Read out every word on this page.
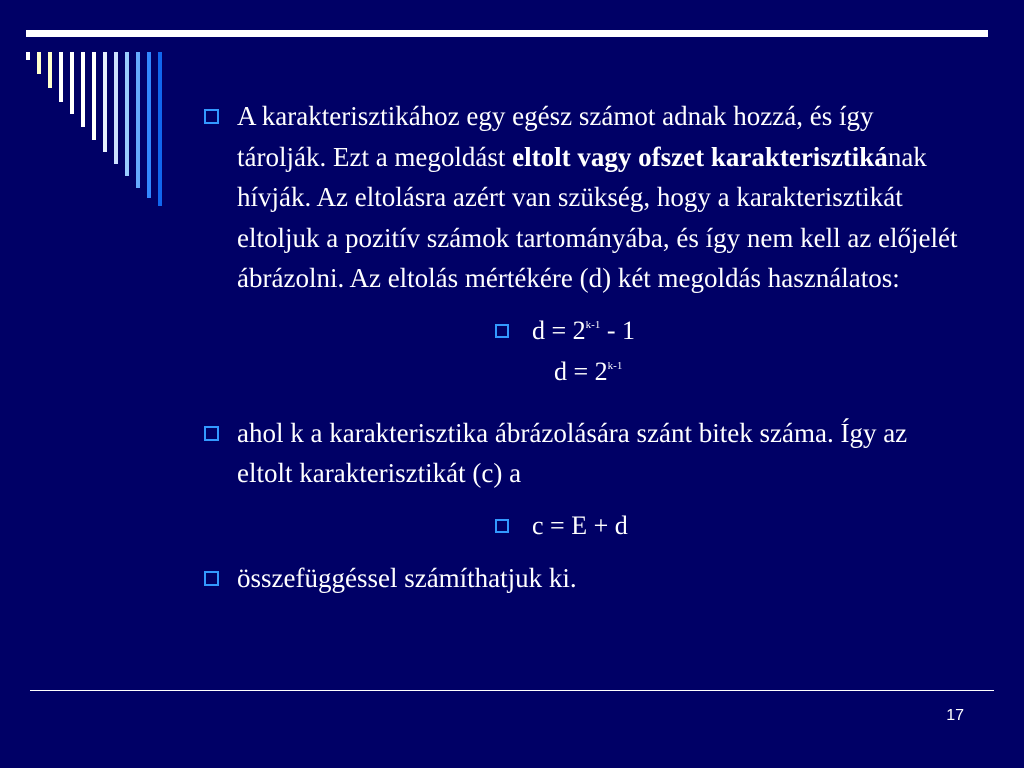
A karakterisztikához egy egész számot adnak hozzá, és így tárolják. Ezt a megoldást eltolt vagy ofszet karakterisztikának hívják. Az eltolásra azért van szükség, hogy a karakterisztikát eltoljuk a pozitív számok tartományába, és így nem kell az előjelét ábrázolni. Az eltolás mértékére (d) két megoldás használatos:
$d = 2^{k-1} - 1$
$d = 2^{k-1}$
ahol k a karakterisztika ábrázolására szánt bitek száma. Így az eltolt karakterisztikát (c) a
c = E + d
összefüggéssel számíthatjuk ki.
17
